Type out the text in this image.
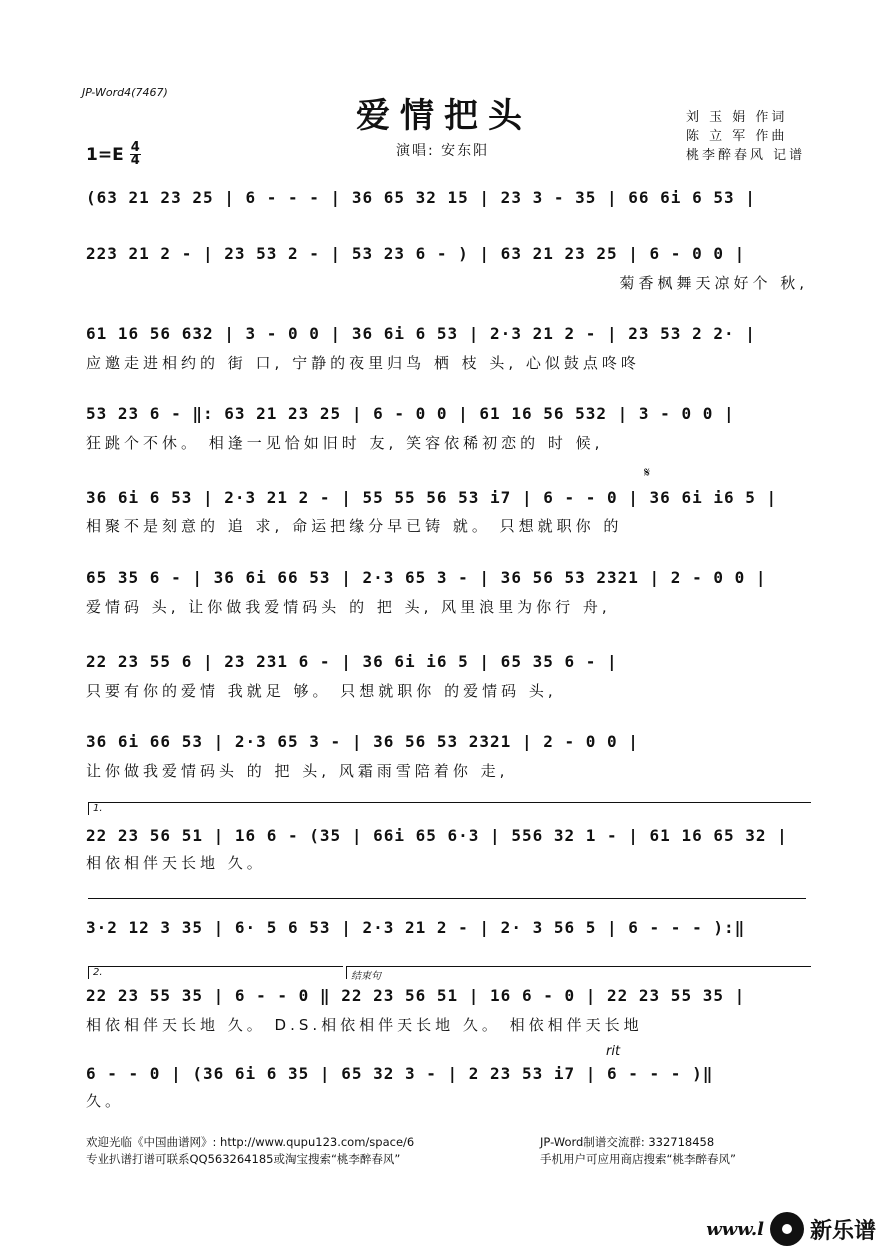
JP-Word4(7467)
爱情把头	刘 玉 娟 作词
陈 立 军 作曲
桃李醉春风 记谱
$1=E \frac{4}{4}$	演唱: 安东阳
𝄋
1.
2.	结束句
rit
(63 21 23 25 | 6 - - - | 36 65 32 15 | 23 3 - 35 | 66 6i 6 53 |
223 21 2 - | 23 53 2 - | 53 23 6 - ) | 63 21 23 25 | 6 - 0 0 |
菊香枫舞天凉好个 秋,
61 16 56 632 | 3 - 0 0 | 36 6i 6 53 | 2·3 21 2 - | 23 53 2 2· |
应邀走进相约的 街 口, 宁静的夜里归鸟 栖 枝 头, 心似鼓点咚咚
53 23 6 - ‖: 63 21 23 25 | 6 - 0 0 | 61 16 56 532 | 3 - 0 0 |
狂跳个不休。 相逢一见恰如旧时 友, 笑容依稀初恋的 时 候,
36 6i 6 53 | 2·3 21 2 - | 55 55 56 53 i7 | 6 - - 0 | 36 6i i6 5 |
相聚不是刻意的 追 求, 命运把缘分早已铸 就。 只想就职你 的
65 35 6 - | 36 6i 66 53 | 2·3 65 3 - | 36 56 53 2321 | 2 - 0 0 |
爱情码 头, 让你做我爱情码头 的 把 头, 风里浪里为你行 舟,
22 23 55 6 | 23 231 6 - | 36 6i i6 5 | 65 35 6 - |
只要有你的爱情 我就足 够。 只想就职你 的爱情码 头,
36 6i 66 53 | 2·3 65 3 - | 36 56 53 2321 | 2 - 0 0 |
让你做我爱情码头 的 把 头, 风霜雨雪陪着你 走,
22 23 56 51 | 16 6 - (35 | 66i 65 6·3 | 556 32 1 - | 61 16 65 32 |
相依相伴天长地 久。
3·2 12 3 35 | 6· 5 6 53 | 2·3 21 2 - | 2· 3 56 5 | 6 - - - ):‖
22 23 55 35 | 6 - - 0 ‖ 22 23 56 51 | 16 6 - 0 | 22 23 55 35 |
相依相伴天长地 久。 D.S.相依相伴天长地 久。 相依相伴天长地
6 - - 0 | (36 6i 6 35 | 65 32 3 - | 2 23 53 i7 | 6 - - - )‖
久。
欢迎光临《中国曲谱网》: http://www.qupu123.com/space/6
专业扒谱打谱可联系QQ563264185或淘宝搜索“桃李醉春风”
JP-Word制谱交流群: 332718458
手机用户可应用商店搜索“桃李醉春风”
www.l 新乐谱
